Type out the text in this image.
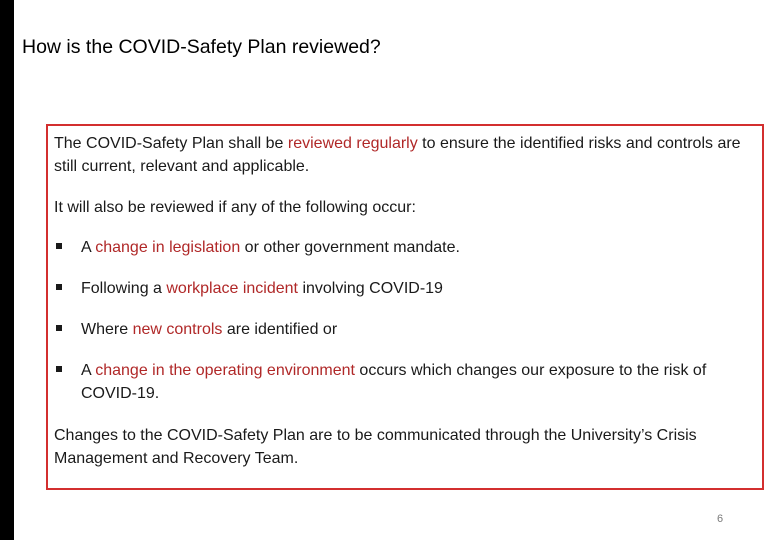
How is the COVID-Safety Plan reviewed?
The COVID-Safety Plan shall be reviewed regularly to ensure the identified risks and controls are still current, relevant and applicable.
It will also be reviewed if any of the following occur:
A change in legislation or other government mandate.
Following a workplace incident involving COVID-19
Where new controls are identified or
A change in the operating environment occurs which changes our exposure to the risk of COVID-19.
Changes to the COVID-Safety Plan are to be communicated through the University’s Crisis Management and Recovery Team.
6
